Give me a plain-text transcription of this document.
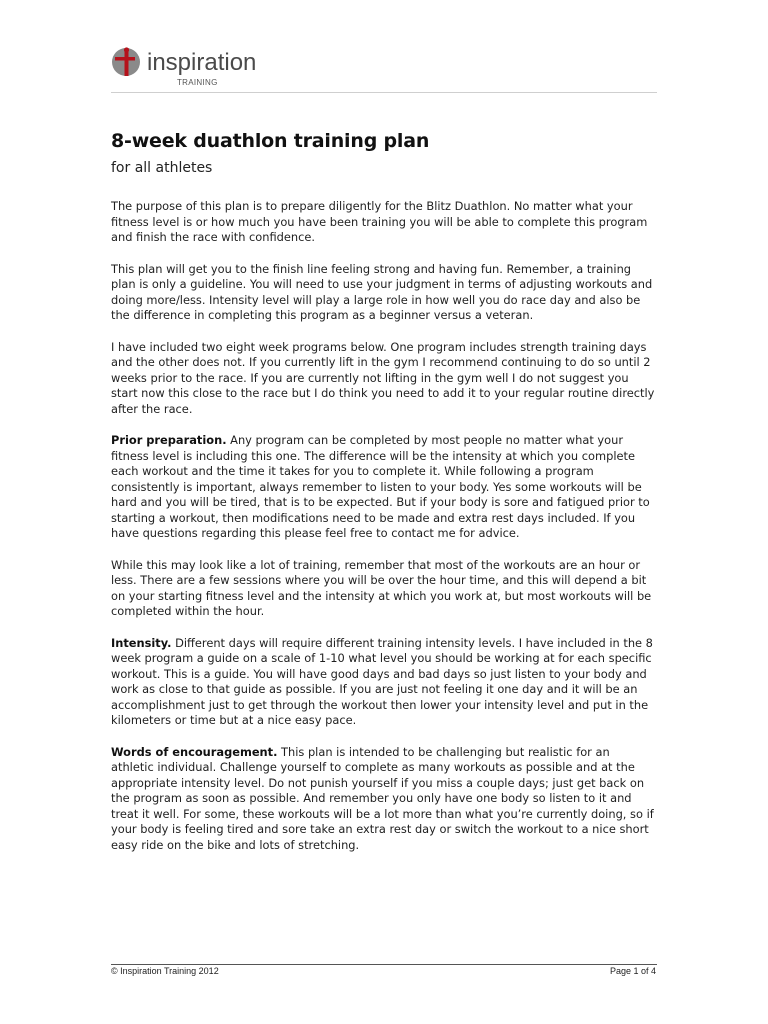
inspiration
TRAINING
8-week duathlon training plan
for all athletes

The purpose of this plan is to prepare diligently for the Blitz Duathlon. No matter what your fitness level is or how much you have been training you will be able to complete this program and finish the race with confidence.

This plan will get you to the finish line feeling strong and having fun. Remember, a training plan is only a guideline. You will need to use your judgment in terms of adjusting workouts and doing more/less. Intensity level will play a large role in how well you do race day and also be the difference in completing this program as a beginner versus a veteran.

I have included two eight week programs below. One program includes strength training days and the other does not. If you currently lift in the gym I recommend continuing to do so until 2 weeks prior to the race. If you are currently not lifting in the gym well I do not suggest you start now this close to the race but I do think you need to add it to your regular routine directly after the race.

Prior preparation. Any program can be completed by most people no matter what your fitness level is including this one. The difference will be the intensity at which you complete each workout and the time it takes for you to complete it. While following a program consistently is important, always remember to listen to your body. Yes some workouts will be hard and you will be tired, that is to be expected. But if your body is sore and fatigued prior to starting a workout, then modifications need to be made and extra rest days included. If you have questions regarding this please feel free to contact me for advice.

While this may look like a lot of training, remember that most of the workouts are an hour or less. There are a few sessions where you will be over the hour time, and this will depend a bit on your starting fitness level and the intensity at which you work at, but most workouts will be completed within the hour.

Intensity. Different days will require different training intensity levels. I have included in the 8 week program a guide on a scale of 1-10 what level you should be working at for each specific workout. This is a guide. You will have good days and bad days so just listen to your body and work as close to that guide as possible. If you are just not feeling it one day and it will be an accomplishment just to get through the workout then lower your intensity level and put in the kilometers or time but at a nice easy pace.

Words of encouragement. This plan is intended to be challenging but realistic for an athletic individual. Challenge yourself to complete as many workouts as possible and at the appropriate intensity level. Do not punish yourself if you miss a couple days; just get back on the program as soon as possible. And remember you only have one body so listen to it and treat it well. For some, these workouts will be a lot more than what you’re currently doing, so if your body is feeling tired and sore take an extra rest day or switch the workout to a nice short easy ride on the bike and lots of stretching.

© Inspiration Training 2012	Page 1 of 4
